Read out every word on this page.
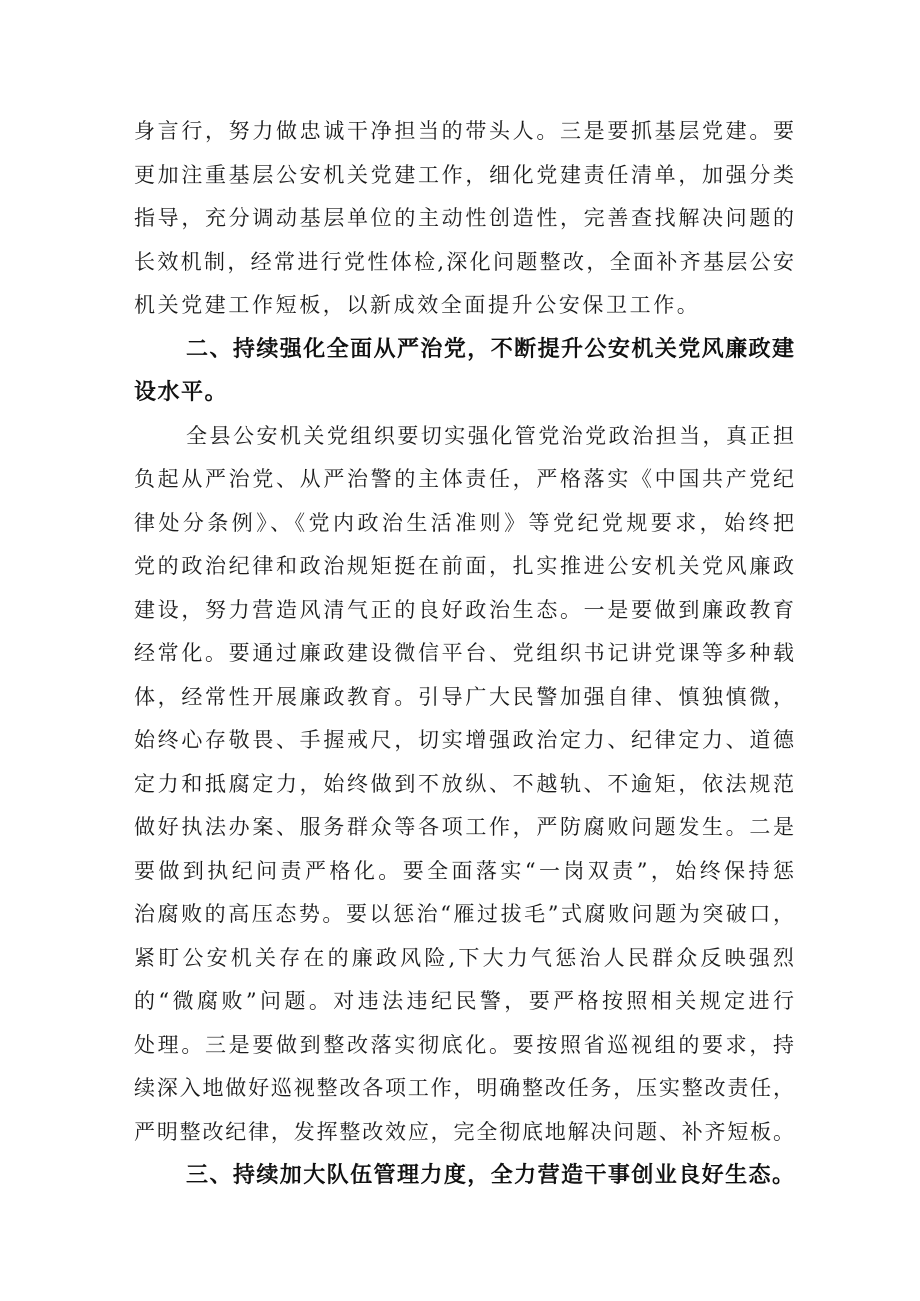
身言行，努力做忠诚干净担当的带头人。三是要抓基层党建。要

更加注重基层公安机关党建工作，细化党建责任清单，加强分类

指导，充分调动基层单位的主动性创造性，完善查找解决问题的

长效机制，经常进行党性体检,深化问题整改，全面补齐基层公安

机关党建工作短板，以新成效全面提升公安保卫工作。

二、持续强化全面从严治党，不断提升公安机关党风廉政建

设水平。

全县公安机关党组织要切实强化管党治党政治担当，真正担

负起从严治党、从严治警的主体责任，严格落实《中国共产党纪

律处分条例》、《党内政治生活准则》等党纪党规要求，始终把

党的政治纪律和政治规矩挺在前面，扎实推进公安机关党风廉政

建设，努力营造风清气正的良好政治生态。一是要做到廉政教育

经常化。要通过廉政建设微信平台、党组织书记讲党课等多种载

体，经常性开展廉政教育。引导广大民警加强自律、慎独慎微，

始终心存敬畏、手握戒尺，切实增强政治定力、纪律定力、道德

定力和抵腐定力，始终做到不放纵、不越轨、不逾矩，依法规范

做好执法办案、服务群众等各项工作，严防腐败问题发生。二是

要做到执纪问责严格化。要全面落实“一岗双责”，始终保持惩

治腐败的高压态势。要以惩治“雁过拔毛”式腐败问题为突破口，

紧盯公安机关存在的廉政风险,下大力气惩治人民群众反映强烈

的“微腐败”问题。对违法违纪民警，要严格按照相关规定进行

处理。三是要做到整改落实彻底化。要按照省巡视组的要求，持

续深入地做好巡视整改各项工作，明确整改任务，压实整改责任，

严明整改纪律，发挥整改效应，完全彻底地解决问题、补齐短板。

三、持续加大队伍管理力度，全力营造干事创业良好生态。
